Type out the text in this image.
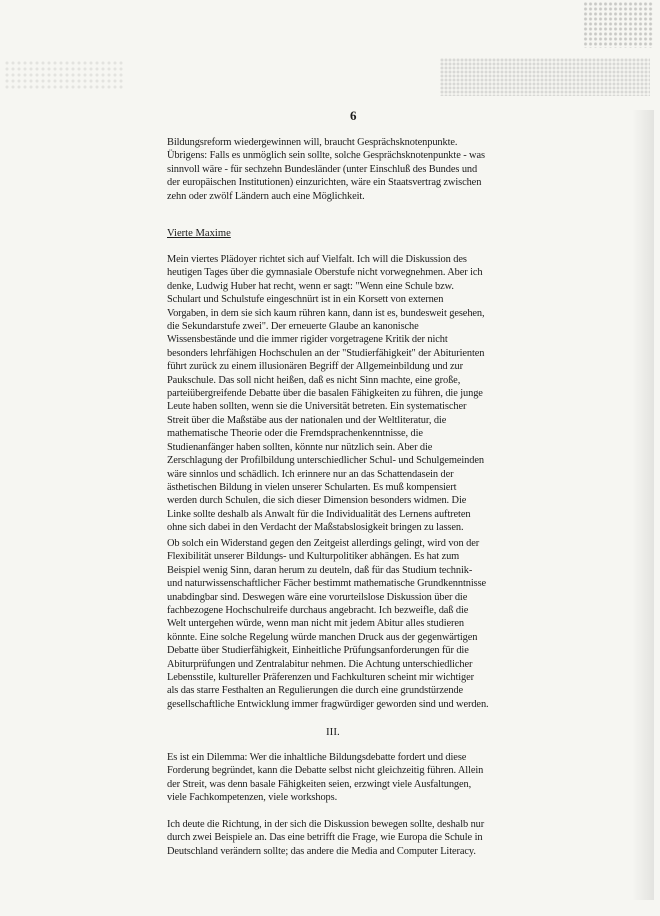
6
Bildungsreform wiedergewinnen will, braucht Gesprächsknotenpunkte.
Übrigens: Falls es unmöglich sein sollte, solche Gesprächsknotenpunkte - was
sinnvoll wäre - für sechzehn Bundesländer (unter Einschluß des Bundes und
der europäischen Institutionen) einzurichten, wäre ein Staatsvertrag zwischen
zehn oder zwölf Ländern auch eine Möglichkeit.
Vierte Maxime
Mein viertes Plädoyer richtet sich auf Vielfalt. Ich will die Diskussion des
heutigen Tages über die gymnasiale Oberstufe nicht vorwegnehmen. Aber ich
denke, Ludwig Huber hat recht, wenn er sagt: "Wenn eine Schule bzw.
Schulart und Schulstufe eingeschnürt ist in ein Korsett von externen
Vorgaben, in dem sie sich kaum rühren kann, dann ist es, bundesweit gesehen,
die Sekundarstufe zwei". Der erneuerte Glaube an kanonische
Wissensbestände und die immer rigider vorgetragene Kritik der nicht
besonders lehrfähigen Hochschulen an der "Studierfähigkeit" der Abiturienten
führt zurück zu einem illusionären Begriff der Allgemeinbildung und zur
Paukschule. Das soll nicht heißen, daß es nicht Sinn machte, eine große,
parteiübergreifende Debatte über die basalen Fähigkeiten zu führen, die junge
Leute haben sollten, wenn sie die Universität betreten. Ein systematischer
Streit über die Maßstäbe aus der nationalen und der Weltliteratur, die
mathematische Theorie oder die Fremdsprachenkenntnisse, die
Studienanfänger haben sollten, könnte nur nützlich sein. Aber die
Zerschlagung der Profilbildung unterschiedlicher Schul- und Schulgemeinden
wäre sinnlos und schädlich. Ich erinnere nur an das Schattendasein der
ästhetischen Bildung in vielen unserer Schularten. Es muß kompensiert
werden durch Schulen, die sich dieser Dimension besonders widmen. Die
Linke sollte deshalb als Anwalt für die Individualität des Lernens auftreten
ohne sich dabei in den Verdacht der Maßstabslosigkeit bringen zu lassen.
Ob solch ein Widerstand gegen den Zeitgeist allerdings gelingt, wird von der
Flexibilität unserer Bildungs- und Kulturpolitiker abhängen. Es hat zum
Beispiel wenig Sinn, daran herum zu deuteln, daß für das Studium technik-
und naturwissenschaftlicher Fächer bestimmt mathematische Grundkenntnisse
unabdingbar sind. Deswegen wäre eine vorurteilslose Diskussion über die
fachbezogene Hochschulreife durchaus angebracht. Ich bezweifle, daß die
Welt untergehen würde, wenn man nicht mit jedem Abitur alles studieren
könnte. Eine solche Regelung würde manchen Druck aus der gegenwärtigen
Debatte über Studierfähigkeit, Einheitliche Prüfungsanforderungen für die
Abiturprüfungen und Zentralabitur nehmen. Die Achtung unterschiedlicher
Lebensstile, kultureller Präferenzen und Fachkulturen scheint mir wichtiger
als das starre Festhalten an Regulierungen die durch eine grundstürzende
gesellschaftliche Entwicklung immer fragwürdiger geworden sind und werden.
III.
Es ist ein Dilemma: Wer die inhaltliche Bildungsdebatte fordert und diese
Forderung begründet, kann die Debatte selbst nicht gleichzeitig führen. Allein
der Streit, was denn basale Fähigkeiten seien, erzwingt viele Ausfaltungen,
viele Fachkompetenzen, viele workshops.
Ich deute die Richtung, in der sich die Diskussion bewegen sollte, deshalb nur
durch zwei Beispiele an. Das eine betrifft die Frage, wie Europa die Schule in
Deutschland verändern sollte; das andere die Media and Computer Literacy.
